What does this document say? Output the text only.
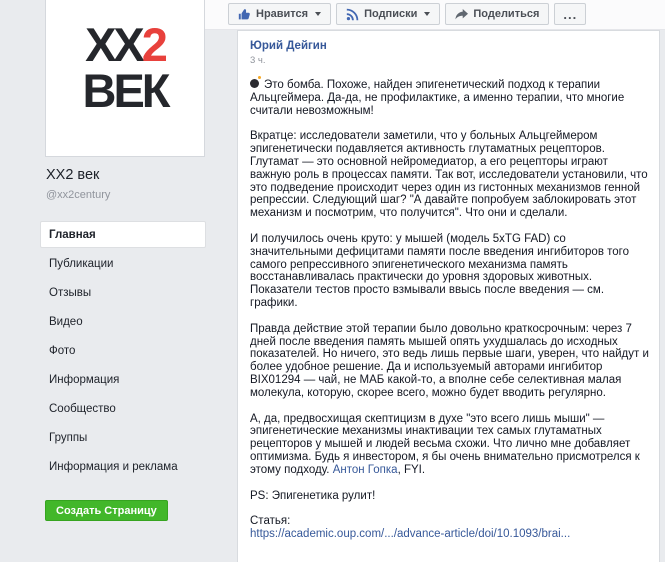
Нравится	Подписки	Поделиться ...
XX2
ВЕК
XX2 век
@xx2century
Главная
Публикации
Отзывы
Видео
Фото
Информация
Сообщество
Группы
Информация и реклама
Создать Страницу
Юрий Дейгин
3 ч.

Это бомба. Похоже, найден эпигенетический подход к терапии Альцгеймера. Да-да, не профилактике, а именно терапии, что многие считали невозможным!

Вкратце: исследователи заметили, что у больных Альцгеймером эпигенетически подавляется активность глутаматных рецепторов. Глутамат — это основной нейромедиатор, а его рецепторы играют важную роль в процессах памяти. Так вот, исследователи установили, что это подведение происходит через один из гистонных механизмов генной репрессии. Следующий шаг? "А давайте попробуем заблокировать этот механизм и посмотрим, что получится". Что они и сделали.

И получилось очень круто: у мышей (модель 5xTG FAD) со значительными дефицитами памяти после введения ингибиторов того самого репрессивного эпигенетического механизма память восстанавливалась практически до уровня здоровых животных. Показатели тестов просто взмывали ввысь после введения — см. графики.

Правда действие этой терапии было довольно краткосрочным: через 7 дней после введения память мышей опять ухудшалась до исходных показателей. Но ничего, это ведь лишь первые шаги, уверен, что найдут и более удобное решение. Да и используемый авторами ингибитор BIX01294 — чай, не МАБ какой-то, а вполне себе селективная малая молекула, которую, скорее всего, можно будет вводить регулярно.

А, да, предвосхищая скептицизм в духе "это всего лишь мыши" — эпигенетические механизмы инактивации тех самых глутаматных рецепторов у мышей и людей весьма схожи. Что лично мне добавляет оптимизма. Будь я инвестором, я бы очень внимательно присмотрелся к этому подходу. Антон Гопка, FYI.

PS: Эпигенетика рулит!

Статья:
https://academic.oup.com/.../advance-article/doi/10.1093/brai...
